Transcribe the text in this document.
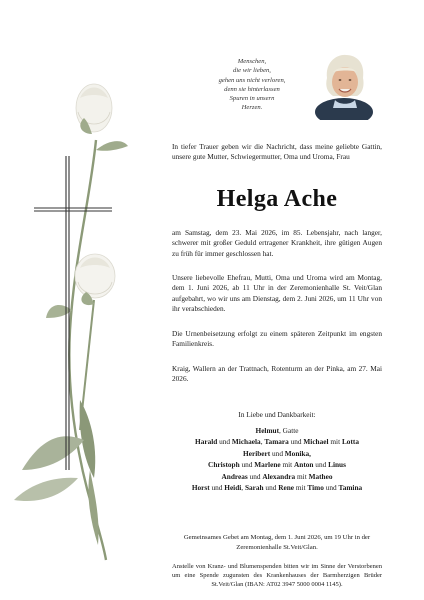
Menschen,
die wir lieben,
gehen uns nicht verloren,
denn sie hinterlassen
Spuren in unsern
Herzen.
In tiefer Trauer geben wir die Nachricht, dass meine geliebte Gattin, unsere gute Mutter, Schwiegermutter, Oma und Uroma, Frau
Helga Ache
am Samstag, dem 23. Mai 2026, im 85. Lebensjahr, nach langer, schwerer mit großer Geduld ertragener Krankheit, ihre gütigen Augen zu früh für immer geschlossen hat.
Unsere liebevolle Ehefrau, Mutti, Oma und Uroma wird am Montag, dem 1. Juni 2026, ab 11 Uhr in der Zeremonienhalle St. Veit/Glan aufgebahrt, wo wir uns am Dienstag, dem 2. Juni 2026, um 11 Uhr von ihr verabschieden.
Die Urnenbeisetzung erfolgt zu einem späteren Zeitpunkt im engsten Familienkreis.
Kraig, Wallern an der Trattnach, Rotenturm an der Pinka, am 27. Mai 2026.
In Liebe und Dankbarkeit:
Helmut, Gatte
Harald und Michaela, Tamara und Michael mit Lotta
Heribert und Monika,
Christoph und Marlene mit Anton und Linus
Andreas und Alexandra mit Matheo
Horst und Heidi, Sarah und Rene mit Timo und Tamina
Gemeinsames Gebet am Montag, dem 1. Juni 2026, um 19 Uhr in der Zeremonienhalle St.Veit/Glan.
Anstelle von Kranz- und Blumenspenden bitten wir im Sinne der Verstorbenen um eine Spende zugunsten des Krankenhauses der Barmherzigen Brüder St.Veit/Glan (IBAN: AT02 3947 5000 0004 1145).
